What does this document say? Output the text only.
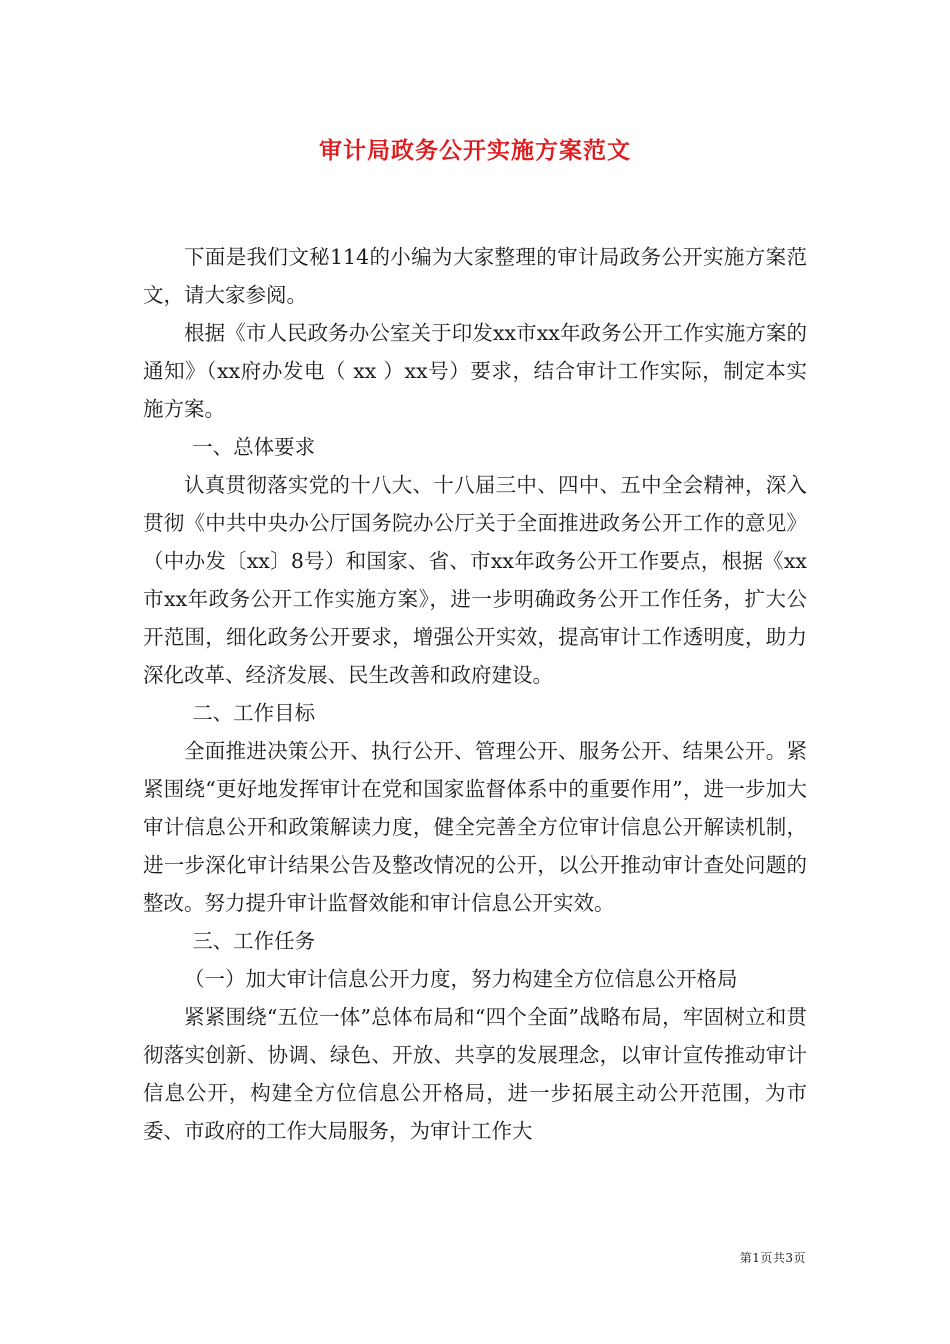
审计局政务公开实施方案范文

下面是我们文秘114的小编为大家整理的审计局政务公开实施方案范文，请大家参阅。

根据《市人民政务办公室关于印发xx市xx年政务公开工作实施方案的通知》（xx府办发电（ xx ）xx号）要求，结合审计工作实际，制定本实施方案。

一、总体要求

认真贯彻落实党的十八大、十八届三中、四中、五中全会精神，深入贯彻《中共中央办公厅国务院办公厅关于全面推进政务公开工作的意见》（中办发〔xx〕8号）和国家、省、市xx年政务公开工作要点，根据《xx市xx年政务公开工作实施方案》，进一步明确政务公开工作任务，扩大公开范围，细化政务公开要求，增强公开实效，提高审计工作透明度，助力深化改革、经济发展、民生改善和政府建设。

二、工作目标

全面推进决策公开、执行公开、管理公开、服务公开、结果公开。紧紧围绕“更好地发挥审计在党和国家监督体系中的重要作用”，进一步加大审计信息公开和政策解读力度，健全完善全方位审计信息公开解读机制，进一步深化审计结果公告及整改情况的公开，以公开推动审计查处问题的整改。努力提升审计监督效能和审计信息公开实效。

三、工作任务

（一）加大审计信息公开力度，努力构建全方位信息公开格局

紧紧围绕“五位一体”总体布局和“四个全面”战略布局，牢固树立和贯彻落实创新、协调、绿色、开放、共享的发展理念，以审计宣传推动审计信息公开，构建全方位信息公开格局，进一步拓展主动公开范围，为市委、市政府的工作大局服务，为审计工作大

第1页共3页
